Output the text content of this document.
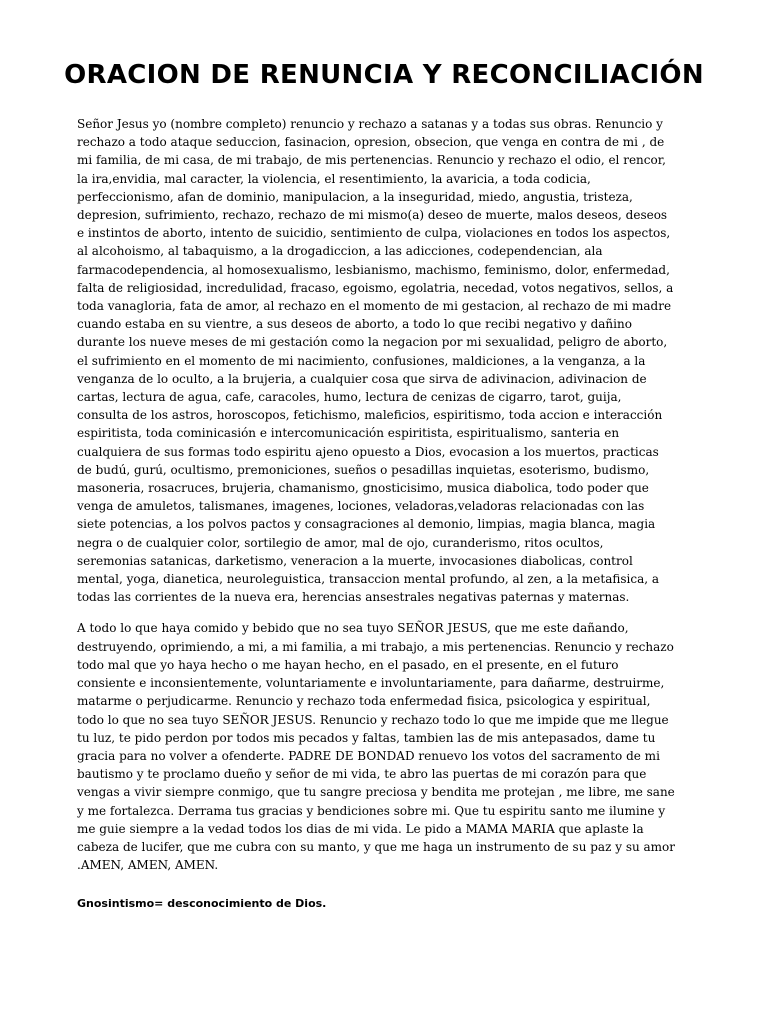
ORACION DE RENUNCIA Y RECONCILIACIÓN

Señor Jesus yo (nombre completo) renuncio y rechazo a satanas y a todas sus obras. Renuncio y rechazo a todo ataque seduccion, fasinacion, opresion, obsecion, que venga en contra de mi , de mi familia, de mi casa, de mi trabajo, de mis pertenencias. Renuncio y rechazo el odio, el rencor, la ira,envidia, mal caracter, la violencia, el resentimiento, la avaricia, a toda codicia, perfeccionismo, afan de dominio, manipulacion, a la inseguridad, miedo, angustia, tristeza, depresion, sufrimiento, rechazo, rechazo de mi mismo(a) deseo de muerte, malos deseos, deseos e instintos de aborto, intento de suicidio, sentimiento de culpa, violaciones en todos los aspectos, al alcohoismo, al tabaquismo, a la drogadiccion, a las adicciones, codependencian, ala farmacodependencia, al homosexualismo, lesbianismo, machismo, feminismo, dolor, enfermedad, falta de religiosidad, incredulidad, fracaso, egoismo, egolatria, necedad, votos negativos, sellos, a toda vanagloria, fata de amor, al rechazo en el momento de mi gestacion, al rechazo de mi madre cuando estaba en su vientre, a sus deseos de aborto, a todo lo que recibi negativo y dañino durante los nueve meses de mi gestación como la negacion por mi sexualidad, peligro de aborto, el sufrimiento en el momento de mi nacimiento, confusiones, maldiciones, a la venganza, a la venganza de lo oculto, a la brujeria, a cualquier cosa que sirva de adivinacion, adivinacion de cartas, lectura de agua, cafe, caracoles, humo, lectura de cenizas de cigarro, tarot, guija, consulta de los astros, horoscopos, fetichismo, maleficios, espiritismo, toda accion e interacción espiritista, toda cominicasión e intercomunicación espiritista, espiritualismo, santeria en cualquiera de sus formas todo espiritu ajeno opuesto a Dios, evocasion a los muertos, practicas de budú, gurú, ocultismo, premoniciones, sueños o pesadillas inquietas, esoterismo, budismo, masoneria, rosacruces, brujeria, chamanismo, gnosticisimo, musica diabolica, todo poder que venga de amuletos, talismanes, imagenes, lociones, veladoras,veladoras relacionadas con las siete potencias, a los polvos pactos y consagraciones al demonio, limpias, magia blanca, magia negra o de cualquier color, sortilegio de amor, mal de ojo, curanderismo, ritos ocultos, seremonias satanicas, darketismo, veneracion a la muerte, invocasiones diabolicas, control mental, yoga, dianetica, neuroleguistica, transaccion mental profundo, al zen, a la metafisica, a todas las corrientes de la nueva era, herencias ansestrales negativas paternas y maternas.

A todo lo que haya comido y bebido que no sea tuyo SEÑOR JESUS, que me este dañando, destruyendo, oprimiendo, a mi, a mi familia, a mi trabajo, a mis pertenencias. Renuncio y rechazo todo mal que yo haya hecho o me hayan hecho, en el pasado, en el presente, en el futuro consiente e inconsientemente, voluntariamente e involuntariamente, para dañarme, destruirme, matarme o perjudicarme. Renuncio y rechazo toda enfermedad fisica, psicologica y espiritual, todo lo que no sea tuyo SEÑOR JESUS. Renuncio y rechazo todo lo que me impide que me llegue tu luz, te pido perdon por todos mis pecados y faltas, tambien las de mis antepasados, dame tu gracia para no volver a ofenderte. PADRE DE BONDAD renuevo los votos del sacramento de mi bautismo y te proclamo dueño y señor de mi vida, te abro las puertas de mi corazón para que vengas a vivir siempre conmigo, que tu sangre preciosa y bendita me protejan , me libre, me sane y me fortalezca. Derrama tus gracias y bendiciones sobre mi. Que tu espiritu santo me ilumine y me guie siempre a la vedad todos los dias de mi vida. Le pido a MAMA MARIA que aplaste la cabeza de lucifer, que me cubra con su manto, y que me haga un instrumento de su paz y su amor .AMEN, AMEN, AMEN.

Gnosintismo= desconocimiento de Dios.
